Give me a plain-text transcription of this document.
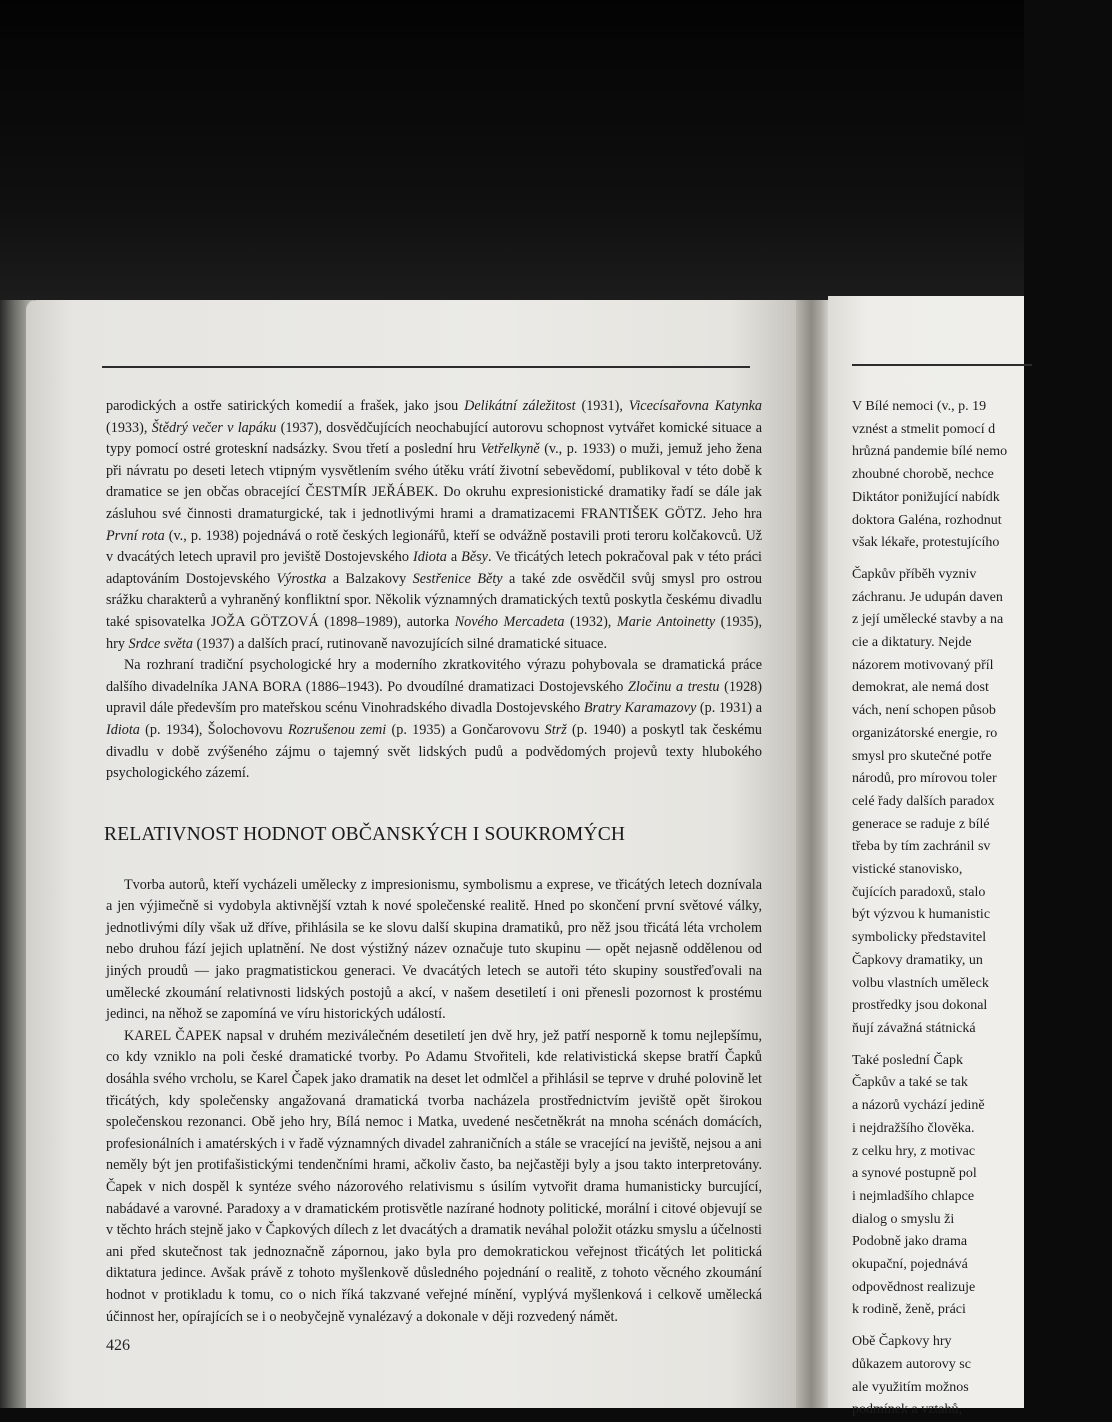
parodických a ostře satirických komedií a frašek, jako jsou Delikátní záležitost (1931), Vicecísařovna Katynka (1933), Štědrý večer v lapáku (1937), dosvědčujících neochabující autorovu schopnost vytvářet komické situace a typy pomocí ostré groteskní nadsázky. Svou třetí a poslední hru Vetřelkyně (v., p. 1933) o muži, jemuž jeho žena při návratu po deseti letech vtipným vysvětlením svého útěku vrátí životní sebevědomí, publikoval v této době k dramatice se jen občas obracející ČESTMÍR JEŘÁBEK. Do okruhu expresionistické dramatiky řadí se dále jak zásluhou své činnosti dramaturgické, tak i jednotlivými hrami a dramatizacemi FRANTIŠEK GÖTZ. Jeho hra První rota (v., p. 1938) pojednává o rotě českých legionářů, kteří se odvážně postavili proti teroru kolčakovců. Už v dvacátých letech upravil pro jeviště Dostojevského Idiota a Běsy. Ve třicátých letech pokračoval pak v této práci adaptováním Dostojevského Výrostka a Balzakovy Sestřenice Běty a také zde osvědčil svůj smysl pro ostrou srážku charakterů a vyhraněný konfliktní spor. Několik významných dramatických textů poskytla českému divadlu také spisovatelka JOŽA GÖTZOVÁ (1898–1989), autorka Nového Mercadeta (1932), Marie Antoinetty (1935), hry Srdce světa (1937) a dalších prací, rutinovaně navozujících silné dramatické situace.

Na rozhraní tradiční psychologické hry a moderního zkratkovitého výrazu pohybovala se dramatická práce dalšího divadelníka JANA BORA (1886–1943). Po dvoudílné dramatizaci Dostojevského Zločinu a trestu (1928) upravil dále především pro mateřskou scénu Vinohradského divadla Dostojevského Bratry Karamazovy (p. 1931) a Idiota (p. 1934), Šolochovovu Rozrušenou zemi (p. 1935) a Gončarovovu Strž (p. 1940) a poskytl tak českému divadlu v době zvýšeného zájmu o tajemný svět lidských pudů a podvědomých projevů texty hlubokého psychologického zázemí.

RELATIVNOST HODNOT OBČANSKÝCH I SOUKROMÝCH

Tvorba autorů, kteří vycházeli umělecky z impresionismu, symbolismu a exprese, ve třicátých letech doznívala a jen výjimečně si vydobyla aktivnější vztah k nové společenské realitě. Hned po skončení první světové války, jednotlivými díly však už dříve, přihlásila se ke slovu další skupina dramatiků, pro něž jsou třicátá léta vrcholem nebo druhou fází jejich uplatnění. Ne dost výstižný název označuje tuto skupinu — opět nejasně oddělenou od jiných proudů — jako pragmatistickou generaci. Ve dvacátých letech se autoři této skupiny soustřeďovali na umělecké zkoumání relativnosti lidských postojů a akcí, v našem desetiletí i oni přenesli pozornost k prostému jedinci, na něhož se zapomíná ve víru historických událostí.

KAREL ČAPEK napsal v druhém meziválečném desetiletí jen dvě hry, jež patří nesporně k tomu nejlepšímu, co kdy vzniklo na poli české dramatické tvorby. Po Adamu Stvořiteli, kde relativistická skepse bratří Čapků dosáhla svého vrcholu, se Karel Čapek jako dramatik na deset let odmlčel a přihlásil se teprve v druhé polovině let třicátých, kdy společensky angažovaná dramatická tvorba nacházela prostřednictvím jeviště opět širokou společenskou rezonanci. Obě jeho hry, Bílá nemoc i Matka, uvedené nesčetněkrát na mnoha scénách domácích, profesionálních i amatérských i v řadě významných divadel zahraničních a stále se vracející na jeviště, nejsou a ani neměly být jen protifašistickými tendenčními hrami, ačkoliv často, ba nejčastěji byly a jsou takto interpretovány. Čapek v nich dospěl k syntéze svého názorového relativismu s úsilím vytvořit drama humanisticky burcující, nabádavé a varovné. Paradoxy a v dramatickém protisvětle nazírané hodnoty politické, morální i citové objevují se v těchto hrách stejně jako v Čapkových dílech z let dvacátých a dramatik neváhal položit otázku smyslu a účelnosti ani před skutečnost tak jednoznačně zápornou, jako byla pro demokratickou veřejnost třicátých let politická diktatura jedince. Avšak právě z tohoto myšlenkově důsledného pojednání o realitě, z tohoto věcného zkoumání hodnot v protikladu k tomu, co o nich říká takzvané veřejné mínění, vyplývá myšlenková i celkově umělecká účinnost her, opírajících se i o neobyčejně vynalézavý a dokonale v ději rozvedený námět.

426
V Bílé nemoci (v., p. 19
vznést a stmelit pomocí d
hrůzná pandemie bílé nemo
zhoubné chorobě, nechce
Diktátor ponižující nabídk
doktora Galéna, rozhodnut
však lékaře, protestujícího
Čapkův příběh vyzniv
záchranu. Je udupán daven
z její umělecké stavby a na
cie a diktatury. Nejde
názorem motivovaný příl
demokrat, ale nemá dost
vách, není schopen působ
organizátorské energie, ro
smysl pro skutečné potře
národů, pro mírovou toler
celé řady dalších paradox
generace se raduje z bílé
třeba by tím zachránil sv
vistické stanovisko,
čujících paradoxů, stalo
být výzvou k humanistic
symbolicky představitel
Čapkovy dramatiky, un
volbu vlastních uměleck
prostředky jsou dokonal
ňují závažná státnická
Také poslední Čapk
Čapkův a také se tak
a názorů vychází jedině
i nejdražšího člověka.
z celku hry, z motivac
a synové postupně pol
i nejmladšího chlapce
dialog o smyslu ži
Podobně jako drama
okupační, pojednává
odpovědnost realizuje
k rodině, ženě, práci
Obě Čapkovy hry
důkazem autorovy sc
ale využitím možnos
podmínek a vztahů,
